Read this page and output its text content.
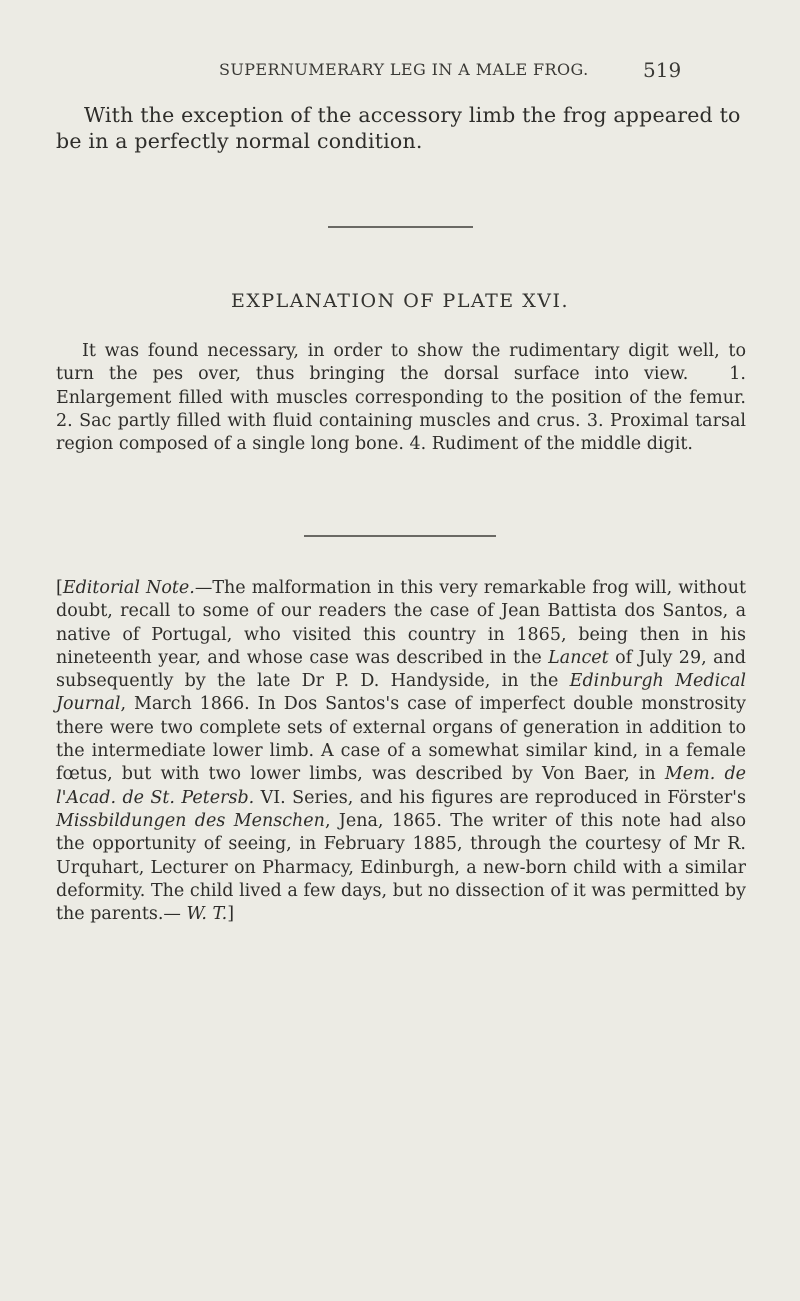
SUPERNUMERARY LEG IN A MALE FROG.	519

With the exception of the accessory limb the frog appeared to be in a perfectly normal condition.

EXPLANATION OF PLATE XVI.

It was found necessary, in order to show the rudimentary digit well, to turn the pes over, thus bringing the dorsal surface into view. 1. Enlargement filled with muscles corresponding to the position of the femur. 2. Sac partly filled with fluid containing muscles and crus. 3. Proximal tarsal region composed of a single long bone. 4. Rudiment of the middle digit.

[Editorial Note.—The malformation in this very remarkable frog will, without doubt, recall to some of our readers the case of Jean Battista dos Santos, a native of Portugal, who visited this country in 1865, being then in his nineteenth year, and whose case was described in the Lancet of July 29, and subsequently by the late Dr P. D. Handyside, in the Edinburgh Medical Journal, March 1866. In Dos Santos's case of imperfect double monstrosity there were two complete sets of external organs of generation in addition to the intermediate lower limb. A case of a somewhat similar kind, in a female fœtus, but with two lower limbs, was described by Von Baer, in Mem. de l'Acad. de St. Petersb. VI. Series, and his figures are reproduced in Förster's Missbildungen des Menschen, Jena, 1865. The writer of this note had also the opportunity of seeing, in February 1885, through the courtesy of Mr R. Urquhart, Lecturer on Pharmacy, Edinburgh, a new-born child with a similar deformity. The child lived a few days, but no dissection of it was permitted by the parents.— W. T.]
